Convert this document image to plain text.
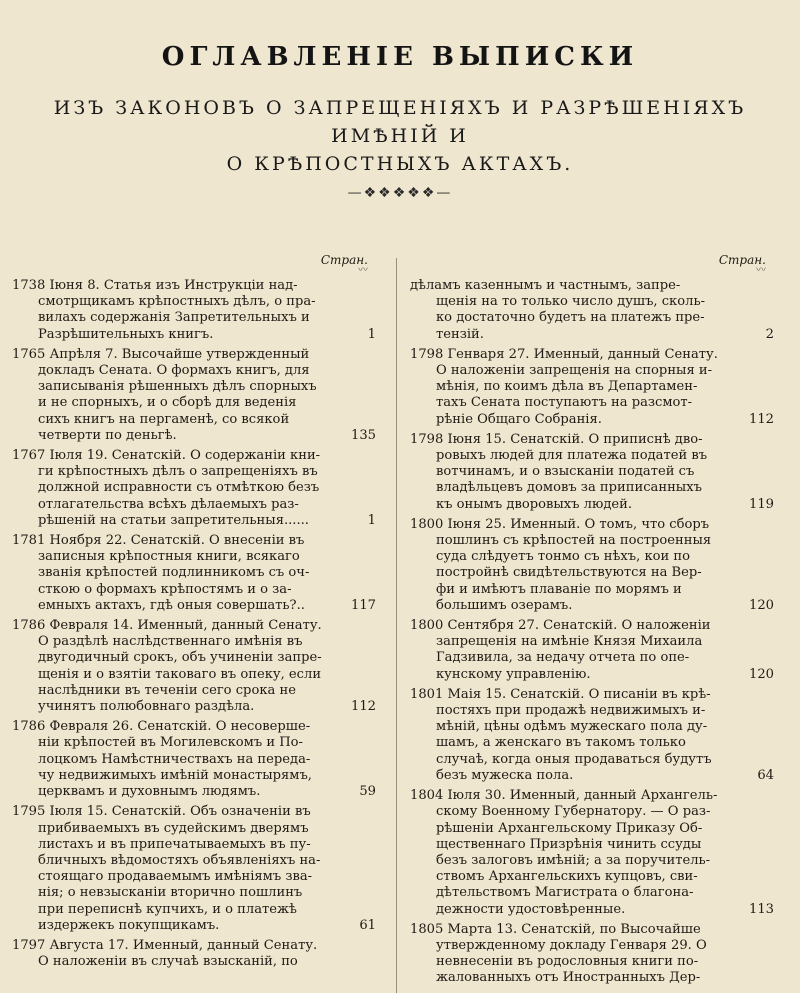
ОГЛАВЛЕНІЕ ВЫПИСКИ
ИЗЪ ЗАКОНОВЪ О ЗАПРЕЩЕНІЯХЪ И РАЗРѢШЕНІЯХЪ ИМѢНІЙ И
О КРѢПОСТНЫХЪ АКТАХЪ.
—❖❖❖❖❖—
Стран.
〰
1738 Іюня 8. Статья изъ Инструкціи над-
смотрщикамъ крѣпостныхъ дѣлъ, о пра-
вилахъ содержанія Запретительныхъ и
1
Разрѣшительныхъ книгъ.
1765 Апрѣля 7. Высочайше утвержденный
докладъ Сената. О формахъ книгъ, для
записыванія рѣшенныхъ дѣлъ спорныхъ
и не спорныхъ, и о сборѣ для веденія
сихъ книгъ на пергаменѣ, со всякой
135
четверти по деньгѣ.
1767 Іюля 19. Сенатскій. О содержаніи кни-
ги крѣпостныхъ дѣлъ о запрещеніяхъ въ
должной исправности съ отмѣткою безъ
отлагательства всѣхъ дѣлаемыхъ раз-
1
рѣшеній на статьи запретительныя......
1781 Ноября 22. Сенатскій. О внесеніи въ
записныя крѣпостныя книги, всякаго
званія крѣпостей подлинникомъ съ оч-
сткою о формахъ крѣпостямъ и о за-
117
емныхъ актахъ, гдѣ оныя совершать?..
1786 Февраля 14. Именный, данный Сенату.
О раздѣлѣ наслѣдственнаго имѣнія въ
двугодичный срокъ, объ учиненіи запре-
щенія и о взятіи таковаго въ опеку, если
наслѣдники въ теченіи сего срока не
112
учинятъ полюбовнаго раздѣла.
1786 Февраля 26. Сенатскій. О несоверше-
ніи крѣпостей въ Могилевскомъ и По-
лоцкомъ Намѣстничествахъ на переда-
чу недвижимыхъ имѣній монастырямъ,
59
церквамъ и духовнымъ людямъ.
1795 Іюля 15. Сенатскій. Объ означеніи въ
прибиваемыхъ въ судейскимъ дверямъ
листахъ и въ припечатываемыхъ въ пу-
бличныхъ вѣдомостяхъ объявленіяхъ на-
стоящаго продаваемымъ имѣніямъ зва-
нія; о невзысканіи вторично пошлинъ
при переписнѣ купчихъ, и о платежѣ
61
издержекъ покупщикамъ.
1797 Августа 17. Именный, данный Сенату.
О наложеніи въ случаѣ взысканій, по
Стран.
〰
дѣламъ казеннымъ и частнымъ, запре-
щенія на то только число душъ, сколь-
ко достаточно будетъ на платежъ пре-
2
тензій.
1798 Генваря 27. Именный, данный Сенату.
О наложеніи запрещенія на спорныя и-
мѣнія, по коимъ дѣла въ Департамен-
тахъ Сената поступаютъ на разсмот-
112
рѣніе Общаго Собранія.
1798 Іюня 15. Сенатскій. О приписнѣ дво-
ровыхъ людей для платежа податей въ
вотчинамъ, и о взысканіи податей съ
владѣльцевъ домовъ за приписанныхъ
119
къ онымъ дворовыхъ людей.
1800 Іюня 25. Именный. О томъ, что сборъ
пошлинъ съ крѣпостей на построенныя
суда слѣдуетъ тонмо съ нѣхъ, кои по
постройнѣ свидѣтельствуются на Вер-
фи и имѣютъ плаваніе по морямъ и
120
большимъ озерамъ.
1800 Сентября 27. Сенатскій. О наложеніи
запрещенія на имѣніе Князя Михаила
Гадзивила, за недачу отчета по опе-
120
кунскому управленію.
1801 Маія 15. Сенатскій. О писаніи въ крѣ-
постяхъ при продажѣ недвижимыхъ и-
мѣній, цѣны одѣмъ мужескаго пола ду-
шамъ, а женскаго въ такомъ только
случаѣ, когда оныя продаваться будутъ
64
безъ мужеска пола.
1804 Іюля 30. Именный, данный Архангель-
скому Военному Губернатору. — О раз-
рѣшеніи Архангельскому Приказу Об-
щественнаго Призрѣнія чинить ссуды
безъ залоговъ имѣній; а за поручитель-
ствомъ Архангельскихъ купцовъ, сви-
дѣтельствомъ Магистрата о благона-
113
дежности удостовѣренные.
1805 Марта 13. Сенатскій, по Высочайше
утвержденному докладу Генваря 29. О
невнесеніи въ родословныя книги по-
жалованныхъ отъ Иностранныхъ Дер-
